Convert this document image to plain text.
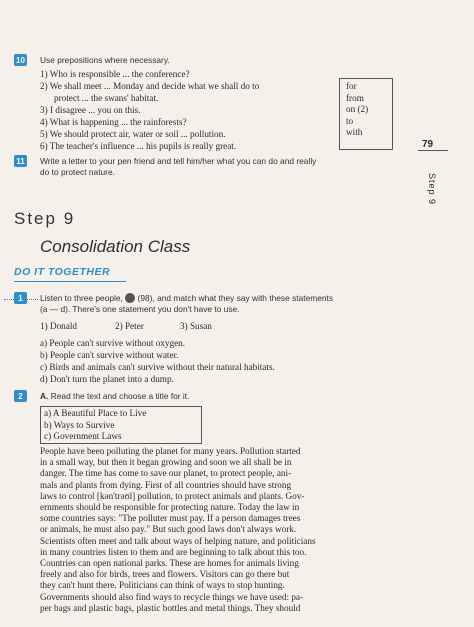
10 Use prepositions where necessary.
1) Who is responsible ... the conference?
2) We shall meet ... Monday and decide what we shall do to
protect ... the swans' habitat.
3) I disagree ... you on this.
4) What is happening ... the rainforests?
5) We should protect air, water or soil ... pollution.
6) The teacher's influence ... his pupils is really great.
for
from
on (2)
to
with
79
Step 9
11 Write a letter to your pen friend and tell him/her what you can do and really
do to protect nature.
Step 9
Consolidation Class
DO IT TOGETHER
1	Listen to three people, (98), and match what they say with these statements
(a — d). There's one statement you don't have to use.
1) Donald	2) Peter	3) Susan
a) People can't survive without oxygen.
b) People can't survive without water.
c) Birds and animals can't survive without their natural habitats.
d) Don't turn the planet into a dump.
2	A. Read the text and choose a title for it.
a) A Beautiful Place to Live
b) Ways to Survive
c) Government Laws
People have been polluting the planet for many years. Pollution started
in a small way, but then it began growing and soon we all shall be in
danger. The time has come to save our planet, to protect people, ani-
mals and plants from dying. First of all countries should have strong
laws to control [kən'trəʊl] pollution, to protect animals and plants. Gov-
ernments should be responsible for protecting nature. Today the law in
some countries says: "The polluter must pay. If a person damages trees
or animals, he must also pay." But such good laws don't always work.
Scientists often meet and talk about ways of helping nature, and politicians
in many countries listen to them and are beginning to talk about this too.
Countries can open national parks. These are homes for animals living
freely and also for birds, trees and flowers. Visitors can go there but
they can't hunt there. Politicians can think of ways to stop hunting.
Governments should also find ways to recycle things we have used: pa-
per bags and plastic bags, plastic bottles and metal things. They should
